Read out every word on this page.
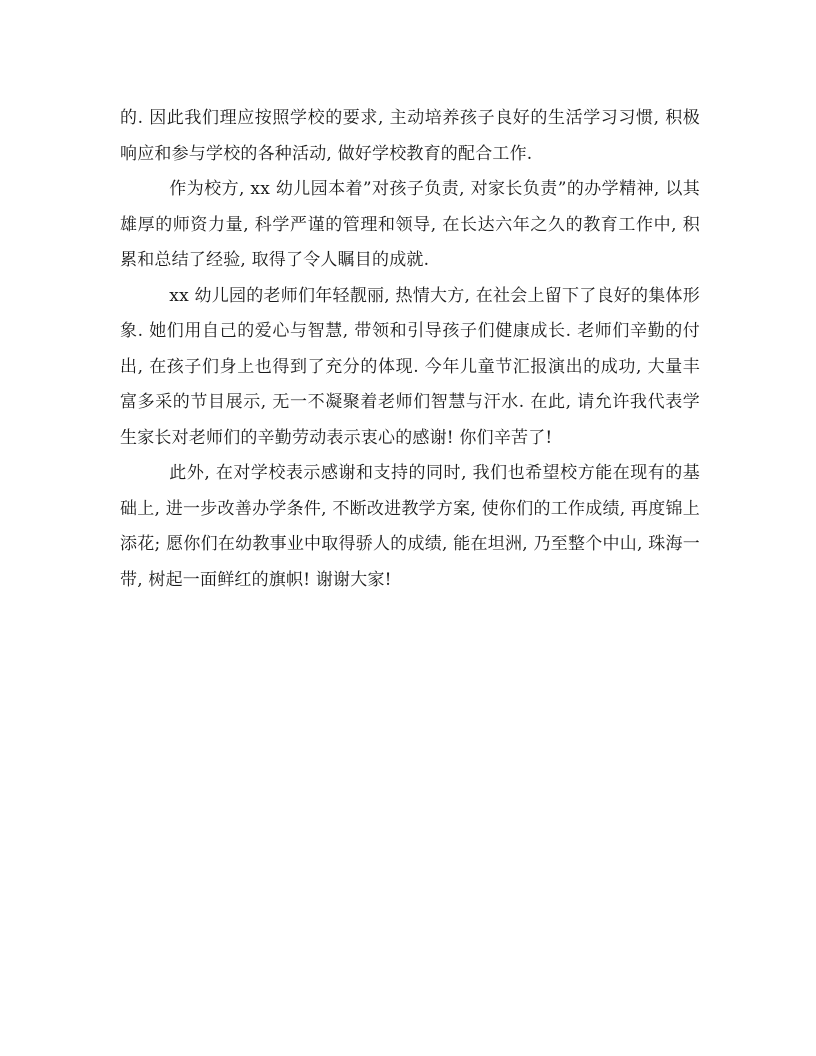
的. 因此我们理应按照学校的要求, 主动培养孩子良好的生活学习习惯, 积极响应和参与学校的各种活动, 做好学校教育的配合工作.

作为校方, xx 幼儿园本着”对孩子负责, 对家长负责”的办学精神, 以其雄厚的师资力量, 科学严谨的管理和领导, 在长达六年之久的教育工作中, 积累和总结了经验, 取得了令人瞩目的成就.

xx 幼儿园的老师们年轻靓丽, 热情大方, 在社会上留下了良好的集体形象. 她们用自己的爱心与智慧, 带领和引导孩子们健康成长. 老师们辛勤的付出, 在孩子们身上也得到了充分的体现. 今年儿童节汇报演出的成功, 大量丰富多采的节目展示, 无一不凝聚着老师们智慧与汗水. 在此, 请允许我代表学生家长对老师们的辛勤劳动表示衷心的感谢! 你们辛苦了!

此外, 在对学校表示感谢和支持的同时, 我们也希望校方能在现有的基础上, 进一步改善办学条件, 不断改进教学方案, 使你们的工作成绩, 再度锦上添花; 愿你们在幼教事业中取得骄人的成绩, 能在坦洲, 乃至整个中山, 珠海一带, 树起一面鲜红的旗帜! 谢谢大家!
